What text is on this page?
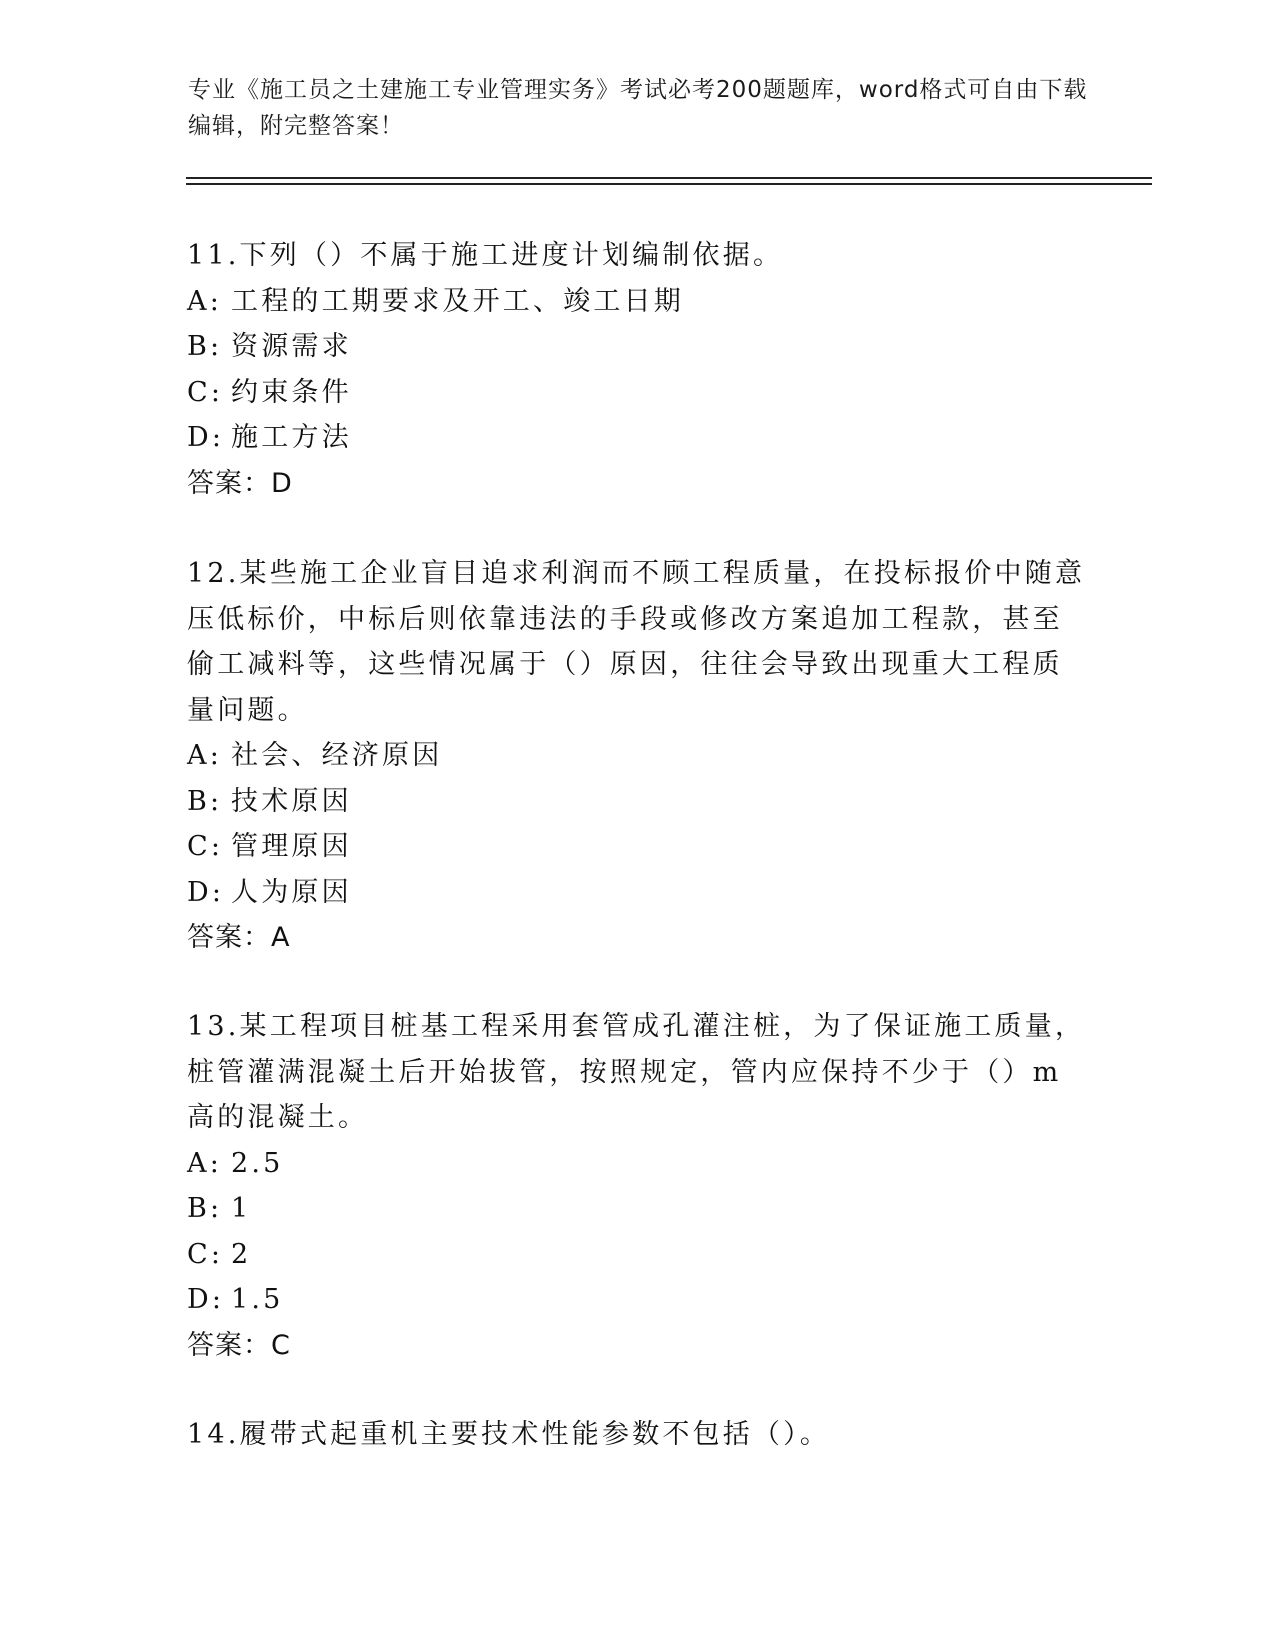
专业《施工员之土建施工专业管理实务》考试必考200题题库，word格式可自由下载编辑，附完整答案！

11.下列（）不属于施工进度计划编制依据。

A: 工程的工期要求及开工、竣工日期

B: 资源需求

C: 约束条件

D: 施工方法

答案：D

12.某些施工企业盲目追求利润而不顾工程质量，在投标报价中随意压低标价，中标后则依靠违法的手段或修改方案追加工程款，甚至偷工减料等，这些情况属于（）原因，往往会导致出现重大工程质量问题。

A: 社会、经济原因

B: 技术原因

C: 管理原因

D: 人为原因

答案：A

13.某工程项目桩基工程采用套管成孔灌注桩，为了保证施工质量，桩管灌满混凝土后开始拔管，按照规定，管内应保持不少于（）m高的混凝土。

A: 2.5

B: 1

C: 2

D: 1.5

答案：C

14.履带式起重机主要技术性能参数不包括（）。
